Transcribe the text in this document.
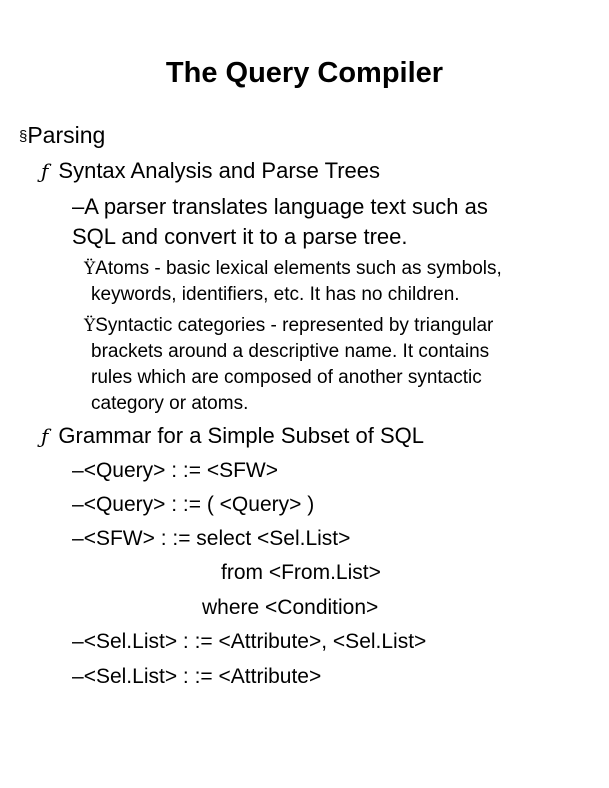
The Query Compiler
§Parsing
ƒ Syntax Analysis and Parse Trees
–A parser translates language text such as
SQL and convert it to a parse tree.
ŸAtoms - basic lexical elements such as symbols,
keywords, identifiers, etc. It has no children.
ŸSyntactic categories - represented by triangular
brackets around a descriptive name. It contains
rules which are composed of another syntactic
category or atoms.
ƒ Grammar for a Simple Subset of SQL
–<Query> : := <SFW>
–<Query> : := ( <Query> )
–<SFW> : := select <Sel.List>
from <From.List>
where <Condition>
–<Sel.List> : := <Attribute>, <Sel.List>
–<Sel.List> : := <Attribute>
